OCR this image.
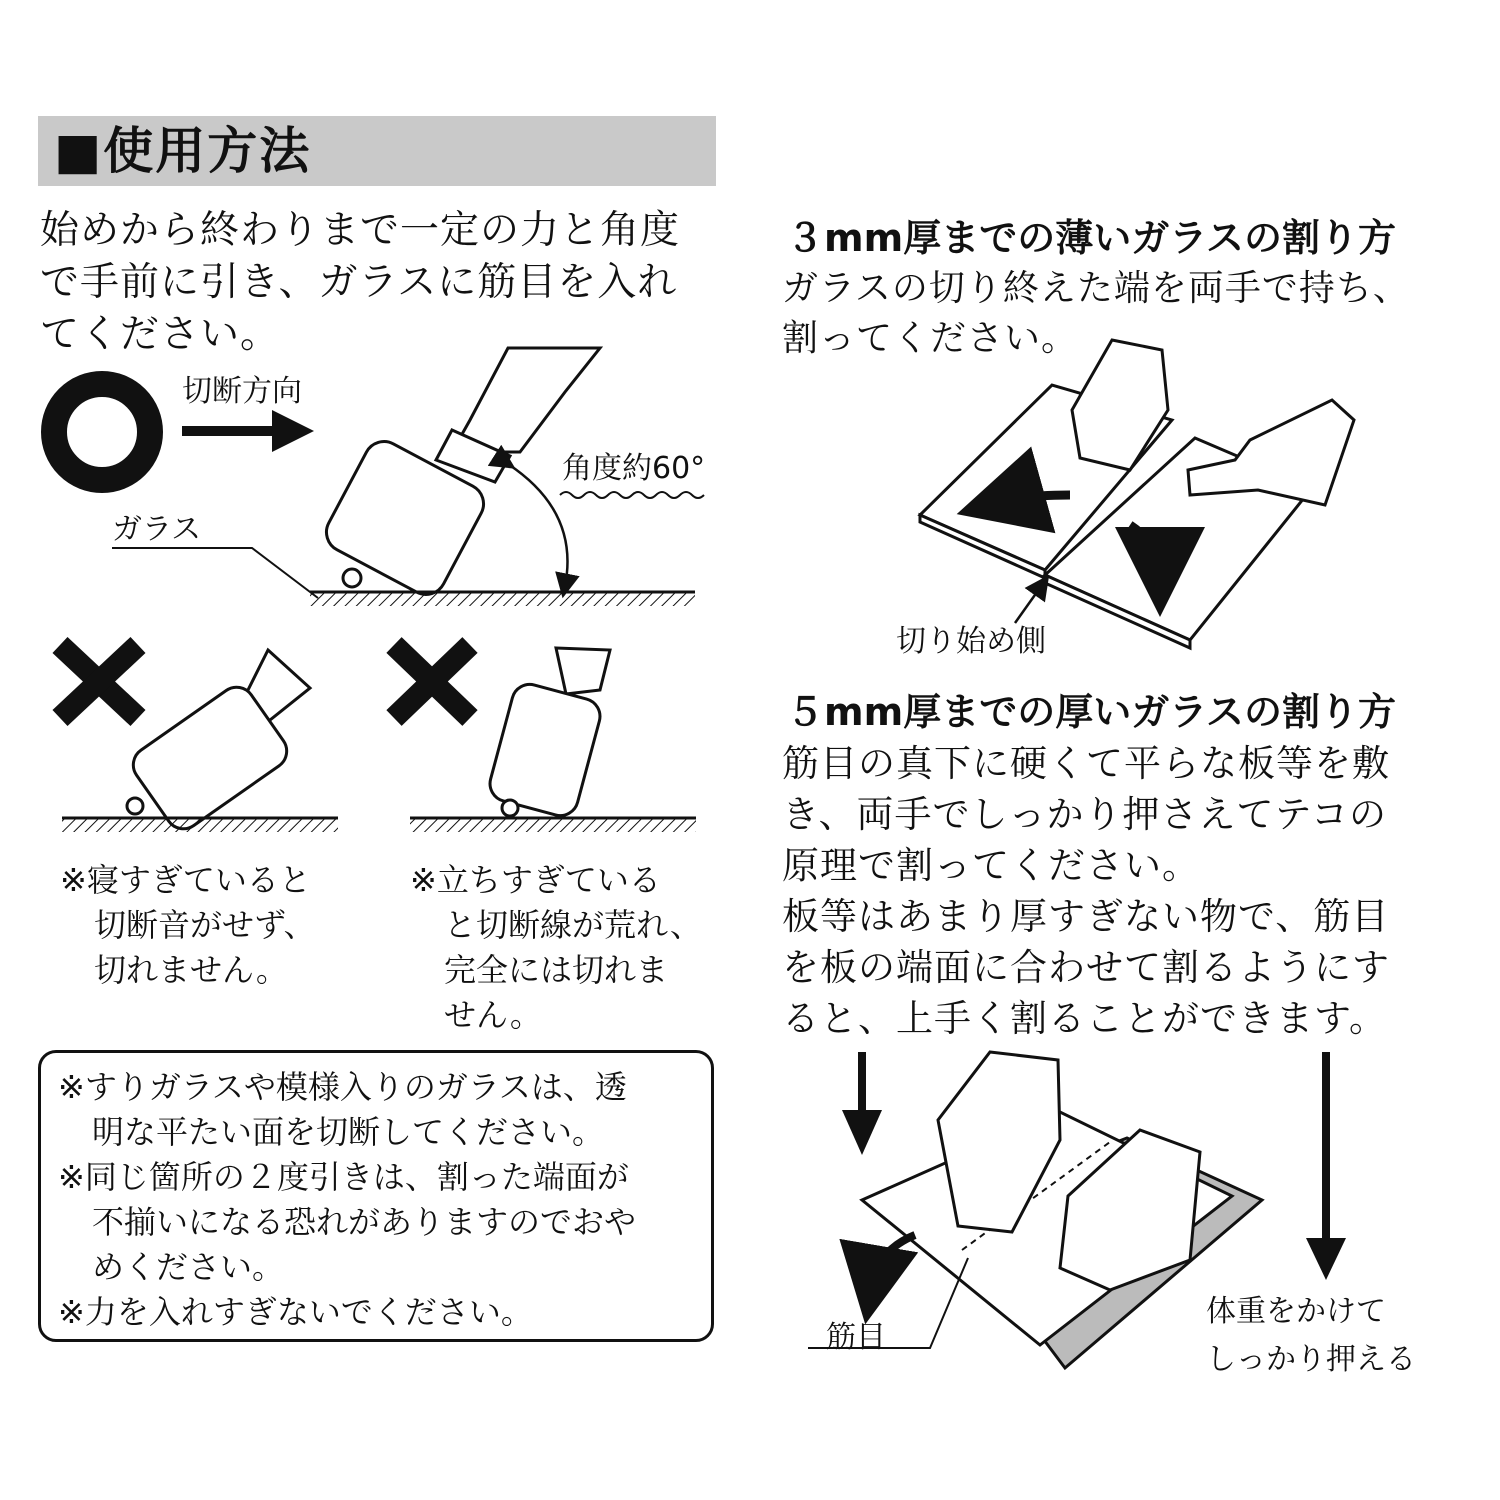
■使用方法
始めから終わりまで一定の力と角度
で手前に引き、ガラスに筋目を入れ
てください。
切断方向
角度約60°
ガラス
※寝すぎていると
切断音がせず、
切れません。
※立ちすぎている
と切断線が荒れ、
完全には切れま
せん。
※すりガラスや模様入りのガラスは、透
明な平たい面を切断してください。
※同じ箇所の２度引きは、割った端面が
不揃いになる恐れがありますのでおや
めください。
※力を入れすぎないでください。
３mm厚までの薄いガラスの割り方
ガラスの切り終えた端を両手で持ち、
割ってください。
切り始め側
５mm厚までの厚いガラスの割り方
筋目の真下に硬くて平らな板等を敷
き、両手でしっかり押さえてテコの
原理で割ってください。
板等はあまり厚すぎない物で、筋目
を板の端面に合わせて割るようにす
ると、上手く割ることができます。
筋目
体重をかけて
しっかり押える
